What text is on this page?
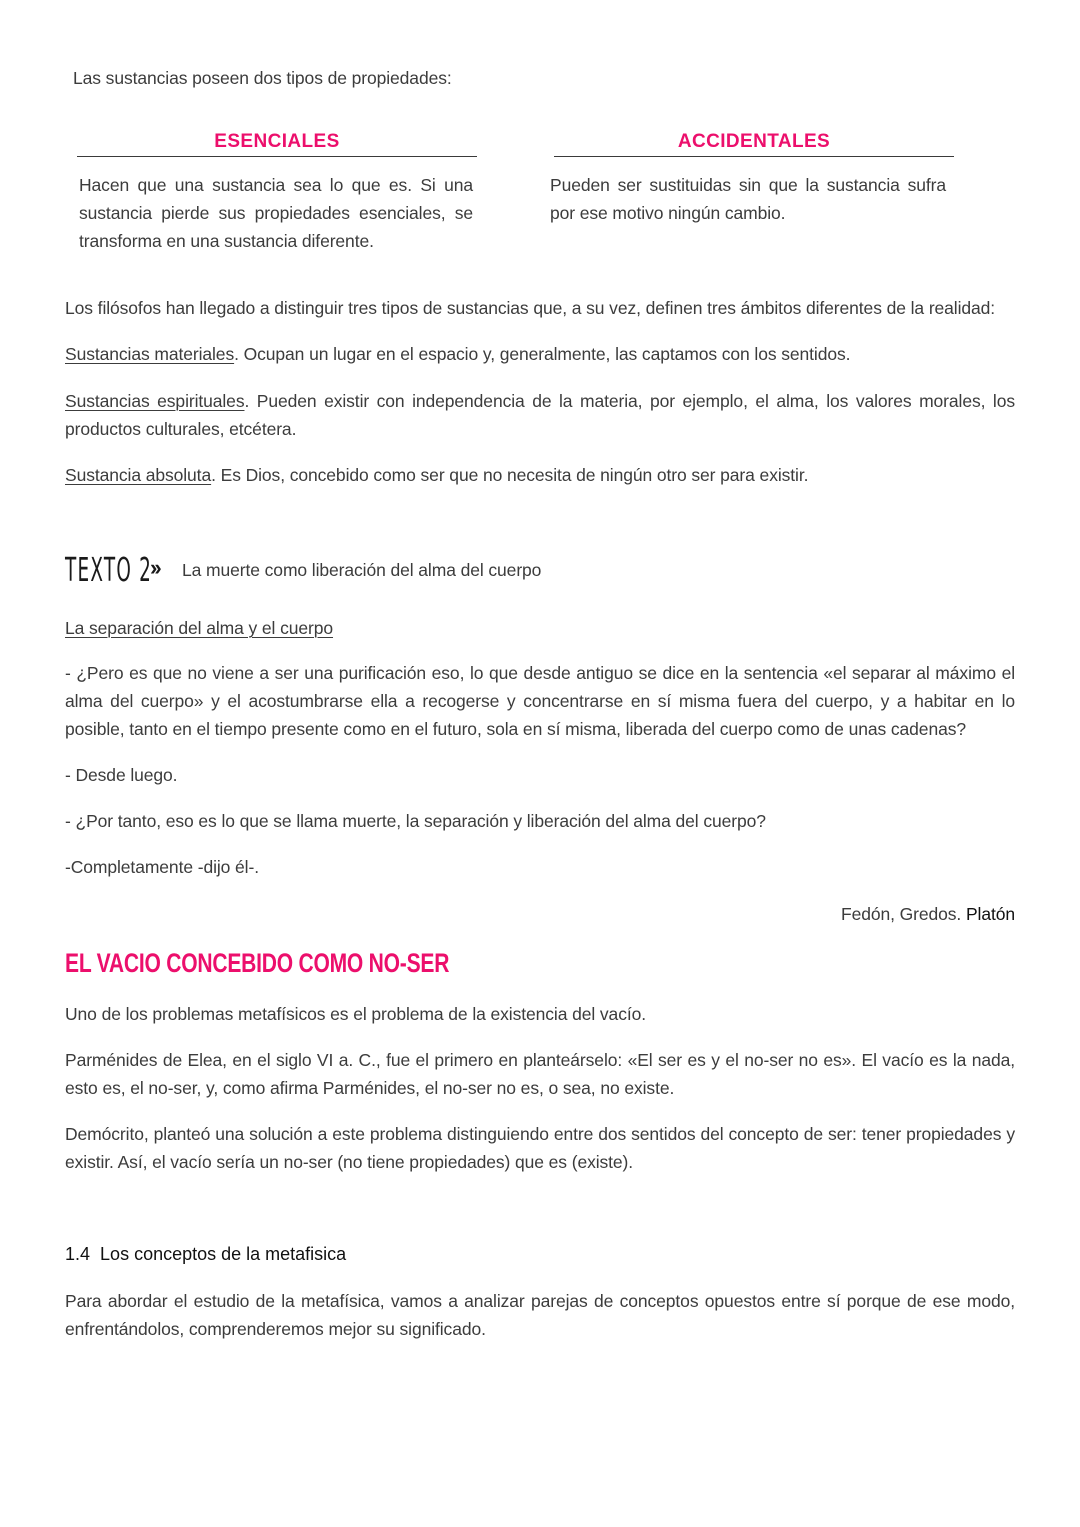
Las sustancias poseen dos tipos de propiedades:
ESENCIALES
Hacen que una sustancia sea lo que es. Si una sustancia pierde sus propiedades esenciales, se transforma en una sustancia diferente.
ACCIDENTALES
Pueden ser sustituidas sin que la sustancia sufra por ese motivo ningún cambio.
Los filósofos han llegado a distinguir tres tipos de sustancias que, a su vez, definen tres ámbitos diferentes de la realidad:
Sustancias materiales. Ocupan un lugar en el espacio y, generalmente, las captamos con los sentidos.
Sustancias espirituales. Pueden existir con independencia de la materia, por ejemplo, el alma, los valores morales, los productos culturales, etcétera.
Sustancia absoluta. Es Dios, concebido como ser que no necesita de ningún otro ser para existir.
TEXTO 2
›› La muerte como liberación del alma del cuerpo
La separación del alma y el cuerpo
- ¿Pero es que no viene a ser una purificación eso, lo que desde antiguo se dice en la sentencia «el separar al máximo el alma del cuerpo» y el acostumbrarse ella a recogerse y concentrarse en sí misma fuera del cuerpo, y a habitar en lo posible, tanto en el tiempo presente como en el futuro, sola en sí misma, liberada del cuerpo como de unas cadenas?
- Desde luego.
- ¿Por tanto, eso es lo que se llama muerte, la separación y liberación del alma del cuerpo?
-Completamente -dijo él-.
Fedón, Gredos. Platón
EL VACIO CONCEBIDO COMO NO-SER
Uno de los problemas metafísicos es el problema de la existencia del vacío.
Parménides de Elea, en el siglo VI a. C., fue el primero en planteárselo: «El ser es y el no-ser no es». El vacío es la nada, esto es, el no-ser, y, como afirma Parménides, el no-ser no es, o sea, no existe.
Demócrito, planteó una solución a este problema distinguiendo entre dos sentidos del concepto de ser: tener propiedades y existir. Así, el vacío sería un no-ser (no tiene propiedades) que es (existe).
1.4 Los conceptos de la metafisica
Para abordar el estudio de la metafísica, vamos a analizar parejas de conceptos opuestos entre sí porque de ese modo, enfrentándolos, comprenderemos mejor su significado.
